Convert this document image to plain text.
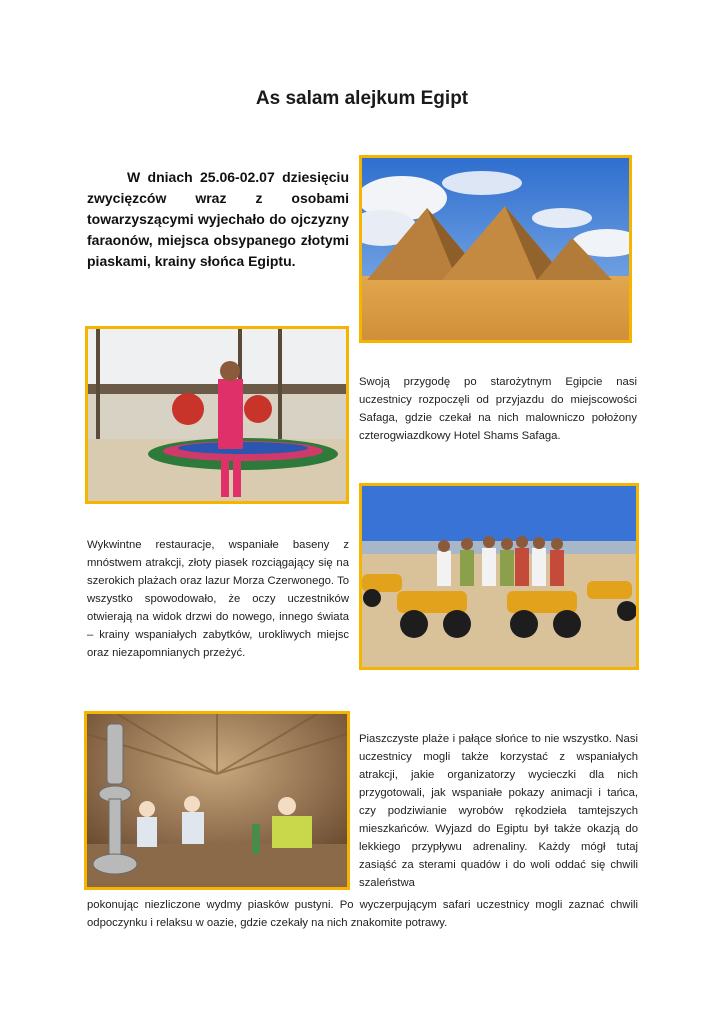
As salam alejkum Egipt
W dniach 25.06-02.07 dziesięciu zwycięzców wraz z osobami towarzyszącymi wyjechało do ojczyzny faraonów, miejsca obsypanego złotymi piaskami, krainy słońca Egiptu.
Swoją przygodę po starożytnym Egipcie nasi uczestnicy rozpoczęli od przyjazdu do miejscowości Safaga, gdzie czekał na nich malowniczo położony czterogwiazdkowy Hotel Shams Safaga.
Wykwintne restauracje, wspaniałe baseny z mnóstwem atrakcji, złoty piasek rozciągający się na szerokich plażach oraz lazur Morza Czerwonego. To wszystko spowodowało, że oczy uczestników otwierają na widok drzwi do nowego, innego świata – krainy wspaniałych zabytków, urokliwych miejsc oraz niezapomnianych przeżyć.
Piaszczyste plaże i pałące słońce to nie wszystko. Nasi uczestnicy mogli także korzystać z wspaniałych atrakcji, jakie organizatorzy wycieczki dla nich przygotowali, jak wspaniałe pokazy animacji i tańca, czy podziwianie wyrobów rękodzieła tamtejszych mieszkańców. Wyjazd do Egiptu był także okazją do lekkiego przypływu adrenaliny. Każdy mógł tutaj zasiąść za sterami quadów i do woli oddać się chwili szaleństwa
pokonując niezliczone wydmy piasków pustyni. Po wyczerpującym safari uczestnicy mogli zaznać chwili odpoczynku i relaksu w oazie, gdzie czekały na nich znakomite potrawy.
